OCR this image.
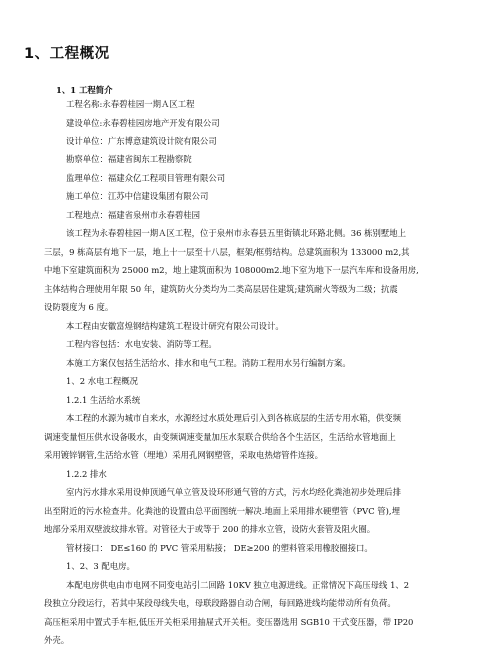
1、工程概况
1、1 工程简介
工程名称:永春碧桂园一期Ａ区工程
建设单位:永春碧桂园房地产开发有限公司
设计单位：广东博意建筑设计院有限公司
勘察单位：福建省闽东工程勘察院
监理单位：福建众亿工程项目管理有限公司
施工单位：江苏中信建设集团有限公司
工程地点：福建省泉州市永春碧桂园
该工程为永春碧桂园一期Ａ区工程，位于泉州市永春县五里街镇北环路北侧。36 栋别墅地上
三层，9 栋高层有地下一层，地上十一层至十八层，框架/框剪结构。总建筑面积为 133000 m2,其
中地下室建筑面积为 25000 m2，地上建筑面积为 108000m2.地下室为地下一层汽车库和设备用房,
主体结构合理使用年限 50 年，建筑防火分类均为二类高层居住建筑;建筑耐火等级为二级；抗震
设防裂度为 6 度。
本工程由安徽富煌钢结构建筑工程设计研究有限公司设计。
工程内容包括：水电安装、消防等工程。
本施工方案仅包括生活给水、排水和电气工程。消防工程用水另行编制方案。
1、2 水电工程概况
1.2.1 生活给水系统
本工程的水源为城市自来水，水源经过水质处理后引入到各栋底层的生活专用水箱，供变频
调速变量恒压供水设备吸水，由变频调速变量加压水泵联合供给各个生活区，生活给水管地面上
采用镀锌钢管,生活给水管（埋地）采用孔网钢塑管，采取电热熔管件连接。
1.2.2 排水
室内污水排水采用设伸顶通气单立管及设环形通气管的方式，污水均经化粪池初步处理后排
出至附近的污水检查井。化粪池的设置由总平面图统一解决.地面上采用排水硬塑管（PVC 管),埋
地部分采用双壁波纹排水管。对管径大于或等于 200 的排水立管，设防火套管及阻火圈。
管材接口： DE≤160 的 PVC 管采用粘接； DE≥200 的塑料管采用橡胶圈接口。
1、2、3 配电房。
本配电房供电由市电网不同变电站引二回路 10KV 独立电源进线。正常情况下高压母线 1、2
段独立分段运行，若其中某段母线失电，母联段路器自动合闸，每回路进线均能带动所有负荷。
高压柜采用中置式手车柜,低压开关柜采用抽屉式开关柜。变压器选用 SGB10 干式变压器，带 IP20
外壳。
